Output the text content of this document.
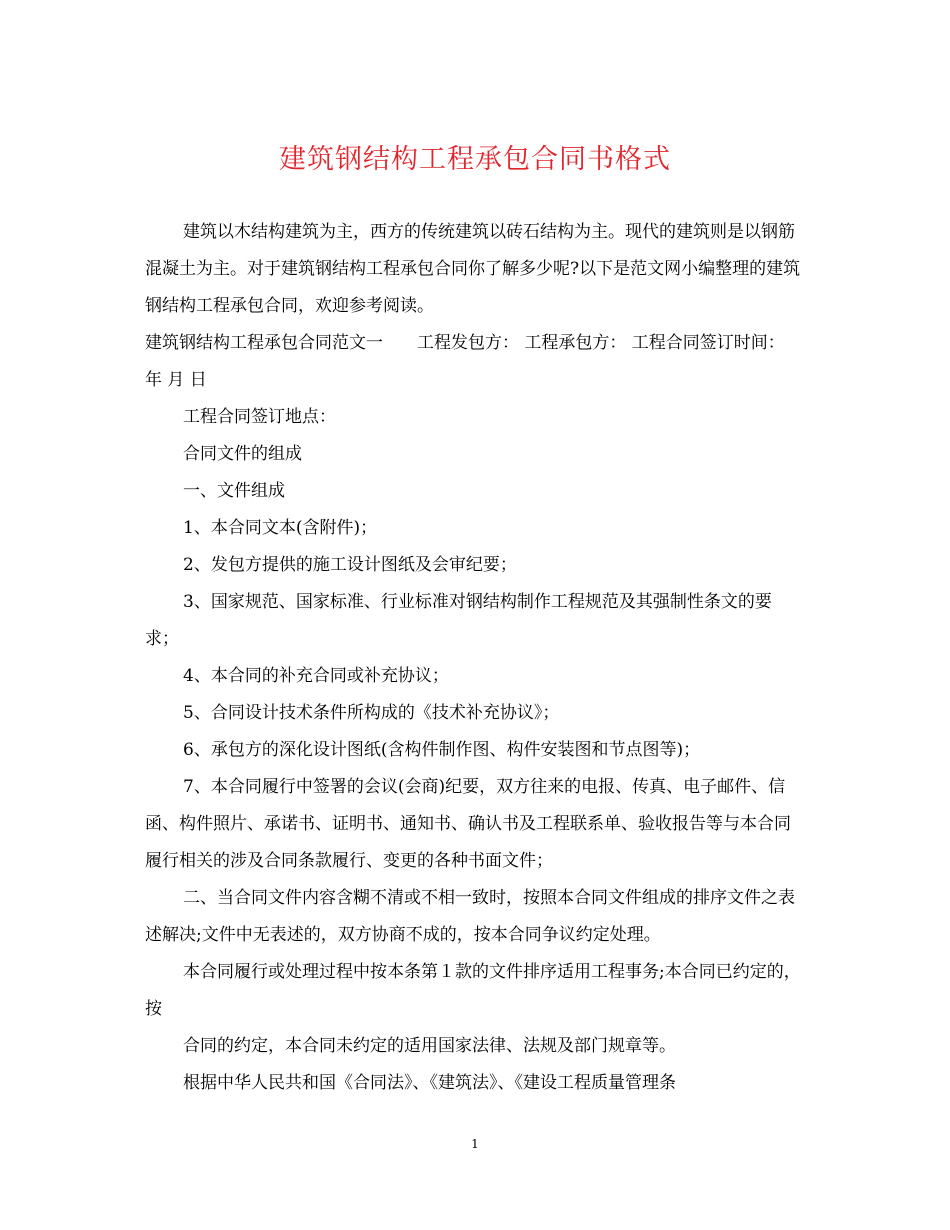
建筑钢结构工程承包合同书格式

建筑以木结构建筑为主，西方的传统建筑以砖石结构为主。现代的建筑则是以钢筋混凝土为主。对于建筑钢结构工程承包合同你了解多少呢?以下是范文网小编整理的建筑钢结构工程承包合同，欢迎参考阅读。

建筑钢结构工程承包合同范文一　　工程发包方： 工程承包方： 工程合同签订时间： 年 月 日

工程合同签订地点：

合同文件的组成

一、文件组成

1、本合同文本(含附件)；

2、发包方提供的施工设计图纸及会审纪要；

3、国家规范、国家标准、行业标准对钢结构制作工程规范及其强制性条文的要求；

4、本合同的补充合同或补充协议；

5、合同设计技术条件所构成的《技术补充协议》；

6、承包方的深化设计图纸(含构件制作图、构件安装图和节点图等)；

7、本合同履行中签署的会议(会商)纪要，双方往来的电报、传真、电子邮件、信函、构件照片、承诺书、证明书、通知书、确认书及工程联系单、验收报告等与本合同履行相关的涉及合同条款履行、变更的各种书面文件；

二、当合同文件内容含糊不清或不相一致时，按照本合同文件组成的排序文件之表述解决;文件中无表述的，双方协商不成的，按本合同争议约定处理。

本合同履行或处理过程中按本条第１款的文件排序适用工程事务;本合同已约定的，按

合同的约定，本合同未约定的适用国家法律、法规及部门规章等。

根据中华人民共和国《合同法》、《建筑法》、《建设工程质量管理条

1
